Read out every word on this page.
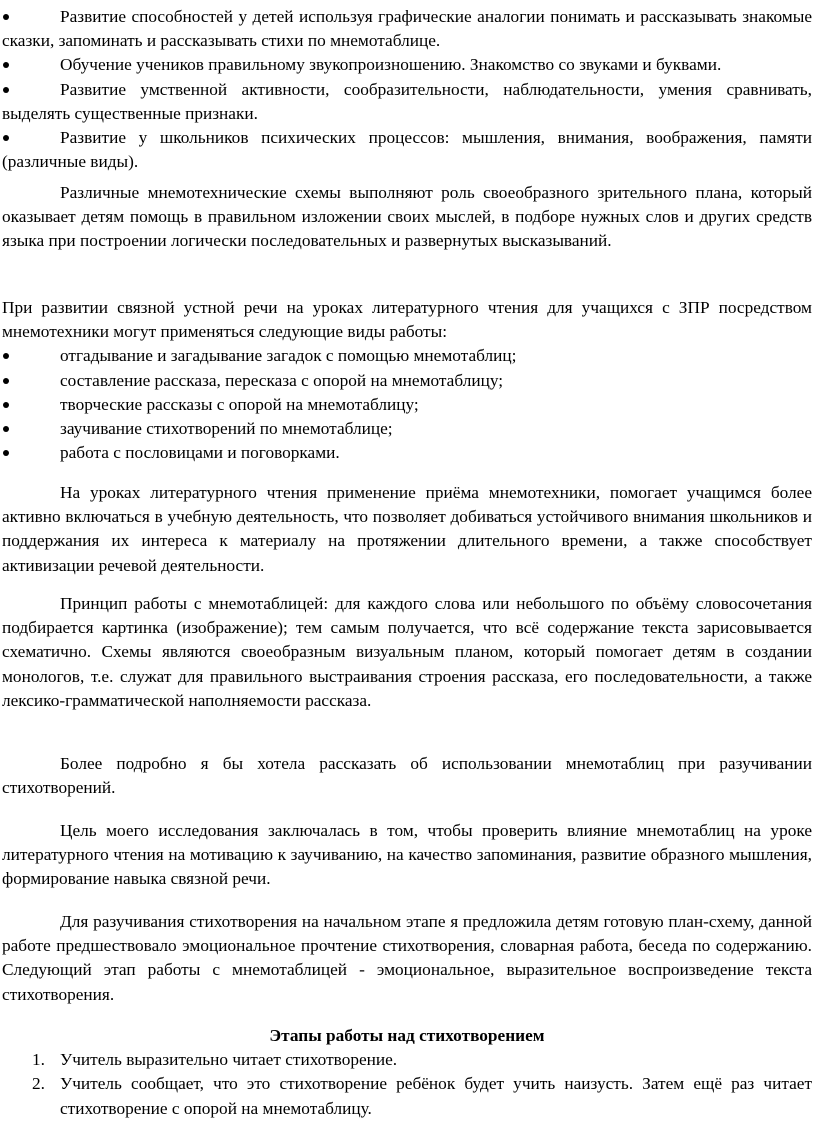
Развитие способностей у детей используя графические аналогии понимать и рассказывать знакомые сказки, запоминать и рассказывать стихи по мнемотаблице.
Обучение учеников правильному звукопроизношению. Знакомство со звуками и буквами.
Развитие умственной активности, сообразительности, наблюдательности, умения сравнивать, выделять существенные признаки.
Развитие у школьников психических процессов: мышления, внимания, воображения, памяти (различные виды).

Различные мнемотехнические схемы выполняют роль своеобразного зрительного плана, который оказывает детям помощь в правильном изложении своих мыслей, в подборе нужных слов и других средств языка при построении логически последовательных и развернутых высказываний.

При развитии связной устной речи на уроках литературного чтения для учащихся с ЗПР посредством мнемотехники могут применяться следующие виды работы:

отгадывание и загадывание загадок с помощью мнемотаблиц;
составление рассказа, пересказа с опорой на мнемотаблицу;
творческие рассказы с опорой на мнемотаблицу;
заучивание стихотворений по мнемотаблице;
работа с пословицами и поговорками.

На уроках литературного чтения применение приёма мнемотехники, помогает учащимся более активно включаться в учебную деятельность, что позволяет добиваться устойчивого внимания школьников и поддержания их интереса к материалу на протяжении длительного времени, а также способствует активизации речевой деятельности.

Принцип работы с мнемотаблицей: для каждого слова или небольшого по объёму словосочетания подбирается картинка (изображение); тем самым получается, что всё содержание текста зарисовывается схематично. Схемы являются своеобразным визуальным планом, который помогает детям в создании монологов, т.е. служат для правильного выстраивания строения рассказа, его последовательности, а также лексико-грамматической наполняемости рассказа.

Более подробно я бы хотела рассказать об использовании мнемотаблиц при разучивании стихотворений.

Цель моего исследования заключалась в том, чтобы проверить влияние мнемотаблиц на уроке литературного чтения на мотивацию к заучиванию, на качество запоминания, развитие образного мышления, формирование навыка связной речи.

Для разучивания стихотворения на начальном этапе я предложила детям готовую план-схему, данной работе предшествовало эмоциональное прочтение стихотворения, словарная работа, беседа по содержанию. Следующий этап работы с мнемотаблицей - эмоциональное, выразительное воспроизведение текста стихотворения.

Этапы работы над стихотворением

1. Учитель выразительно читает стихотворение.
2. Учитель сообщает, что это стихотворение ребёнок будет учить наизусть. Затем ещё раз читает стихотворение с опорой на мнемотаблицу.
